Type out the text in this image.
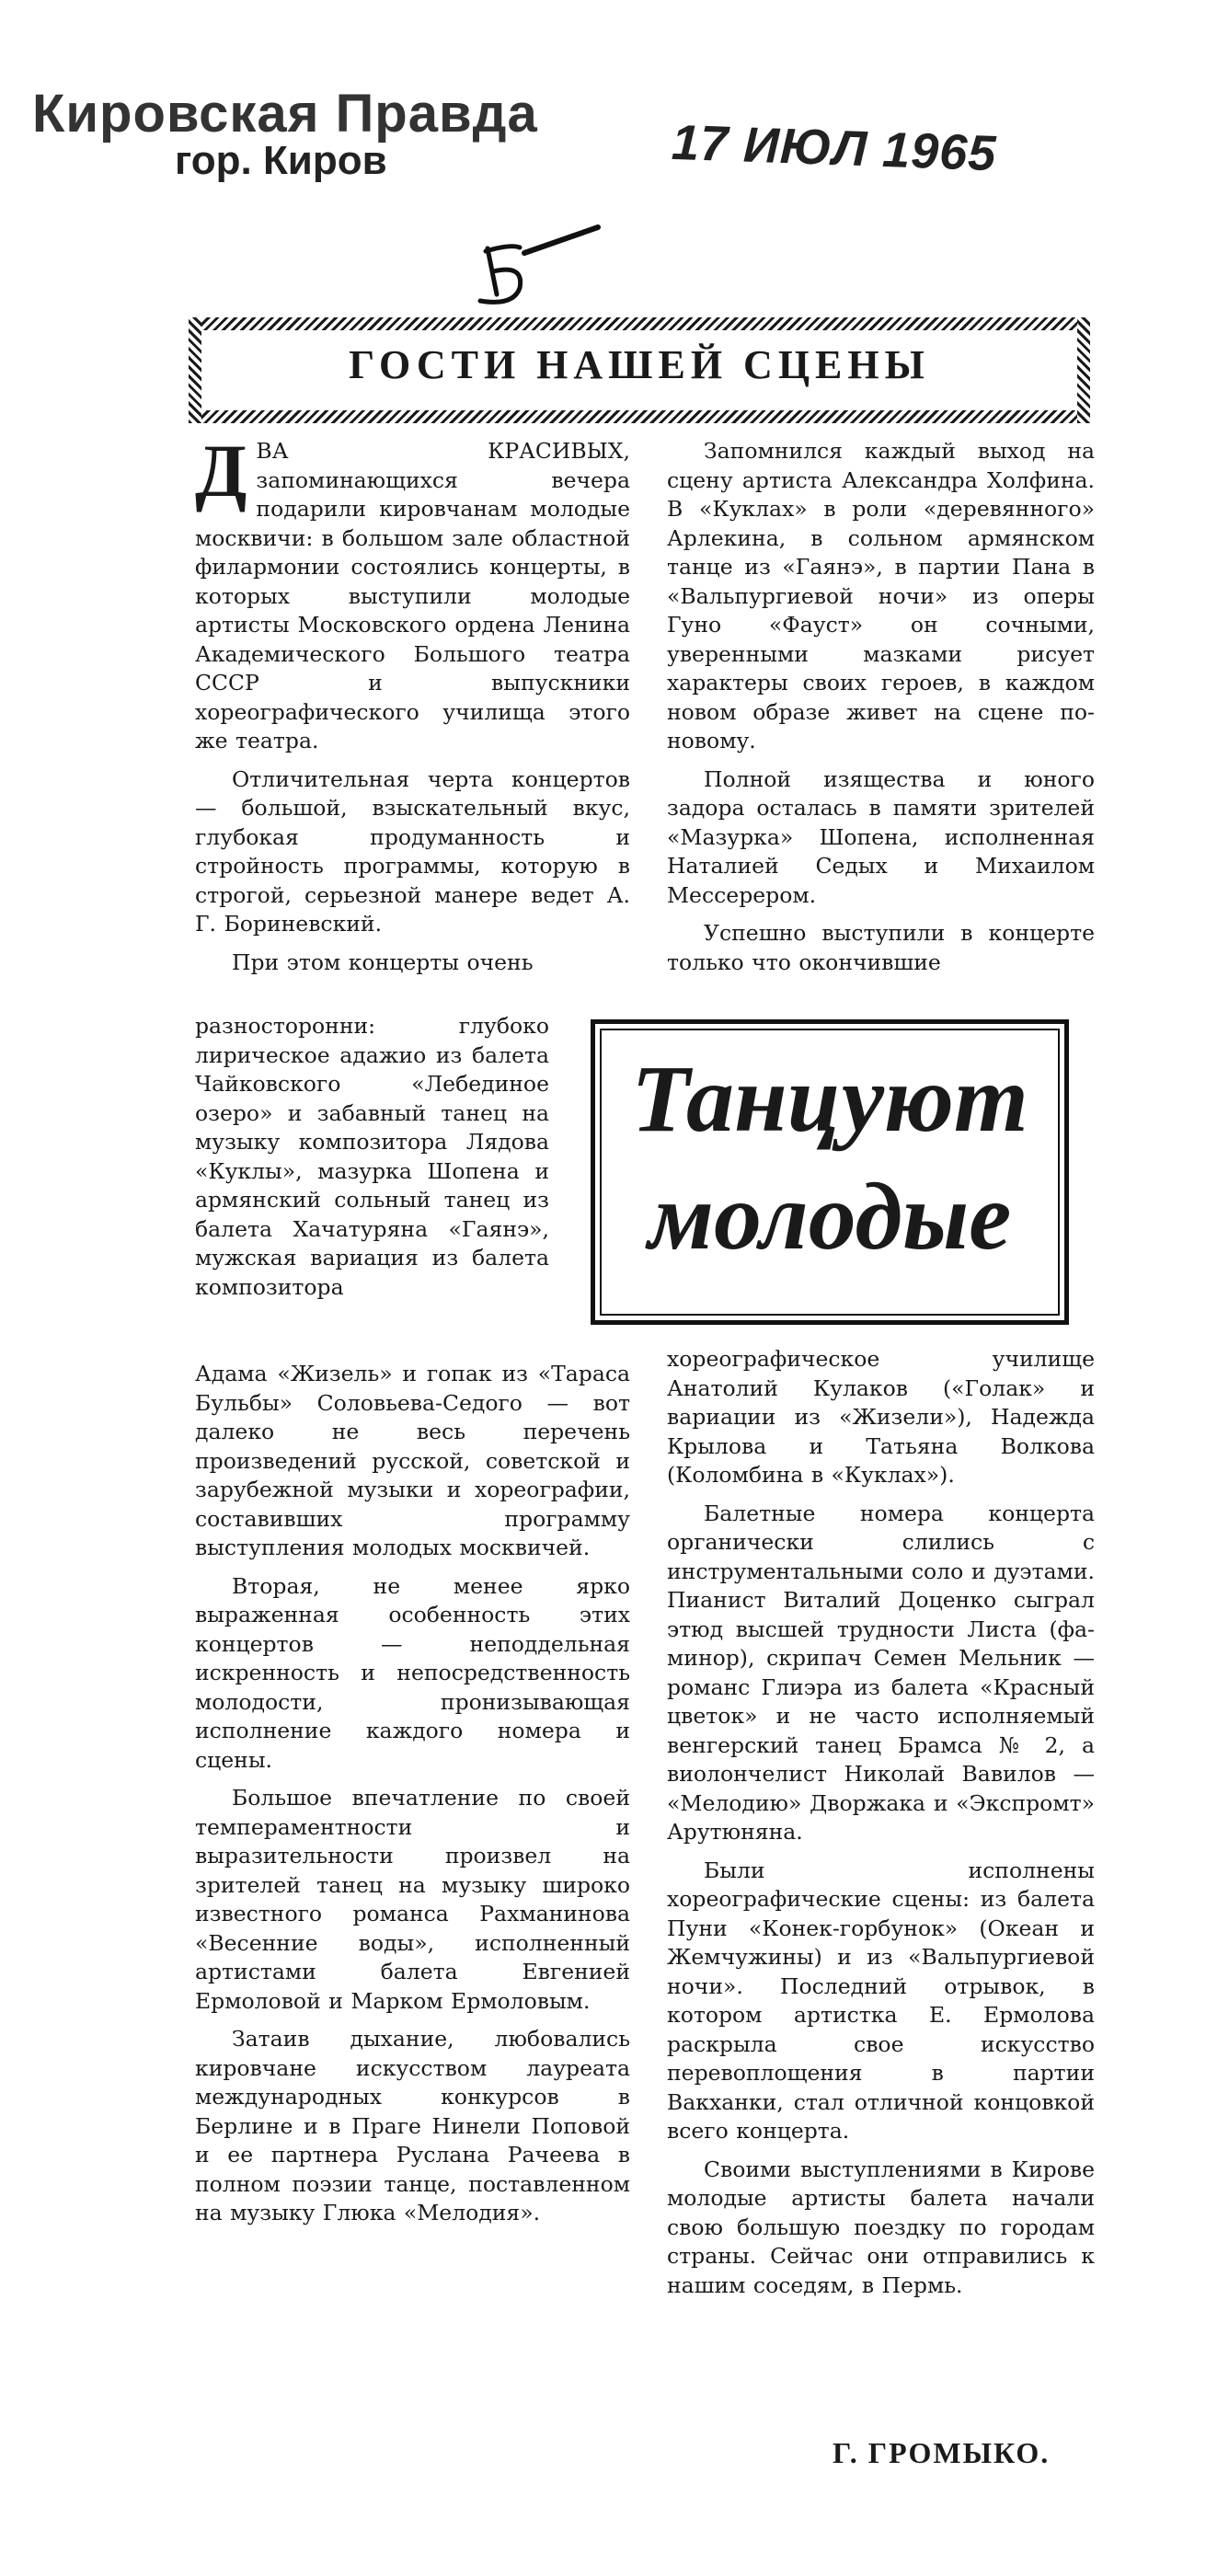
Кировская Правда
гор. Киров	17 ИЮЛ 1965
ГОСТИ НАШЕЙ СЦЕНЫ

ДВА КРАСИВЫХ, запоминающихся вечера подарили кировчанам молодые москвичи: в большом зале областной филармонии состоялись концерты, в которых выступили молодые артисты Московского ордена Ленина Академического Большого театра СССР и выпускники хореографического училища этого же театра.

Отличительная черта концертов — большой, взыскательный вкус, глубокая продуманность и стройность программы, которую в строгой, серьезной манере ведет А. Г. Бориневский.

При этом концерты очень

разносторонни: глубоко лирическое адажио из балета Чайковского «Лебединое озеро» и забавный танец на музыку композитора Лядова «Куклы», мазурка Шопена и армянский сольный танец из балета Хачатуряна «Гаянэ», мужская вариация из балета композитора

Адама «Жизель» и гопак из «Тараса Бульбы» Соловьева-Седого — вот далеко не весь перечень произведений русской, советской и зарубежной музыки и хореографии, составивших программу выступления молодых москвичей.

Вторая, не менее ярко выраженная особенность этих концертов — неподдельная искренность и непосредственность молодости, пронизывающая исполнение каждого номера и сцены.

Большое впечатление по своей темпераментности и выразительности произвел на зрителей танец на музыку широко известного романса Рахманинова «Весенние воды», исполненный артистами балета Евгенией Ермоловой и Марком Ермоловым.

Затаив дыхание, любовались кировчане искусством лауреата международных конкурсов в Берлине и в Праге Нинели Поповой и ее партнера Руслана Рачеева в полном поэзии танце, поставленном на музыку Глюка «Мелодия».

Запомнился каждый выход на сцену артиста Александра Холфина. В «Куклах» в роли «деревянного» Арлекина, в сольном армянском танце из «Гаянэ», в партии Пана в «Вальпургиевой ночи» из оперы Гуно «Фауст» он сочными, уверенными мазками рисует характеры своих героев, в каждом новом образе живет на сцене по-новому.

Полной изящества и юного задора осталась в памяти зрителей «Мазурка» Шопена, исполненная Наталией Седых и Михаилом Мессерером.

Успешно выступили в концерте только что окончившие

Танцуют
молодые

хореографическое училище Анатолий Кулаков («Голак» и вариации из «Жизели»), Надежда Крылова и Татьяна Волкова (Коломбина в «Куклах»).

Балетные номера концерта органически слились с инструментальными соло и дуэтами. Пианист Виталий Доценко сыграл этюд высшей трудности Листа (фа-минор), скрипач Семен Мельник — романс Глиэра из балета «Красный цветок» и не часто исполняемый венгерский танец Брамса № 2, а виолончелист Николай Вавилов — «Мелодию» Дворжака и «Экспромт» Арутюняна.

Были исполнены хореографические сцены: из балета Пуни «Конек-горбунок» (Океан и Жемчужины) и из «Вальпургиевой ночи». Последний отрывок, в котором артистка Е. Ермолова раскрыла свое искусство перевоплощения в партии Вакханки, стал отличной концовкой всего концерта.

Своими выступлениями в Кирове молодые артисты балета начали свою большую поездку по городам страны. Сейчас они отправились к нашим соседям, в Пермь.

Г. ГРОМЫКО.
